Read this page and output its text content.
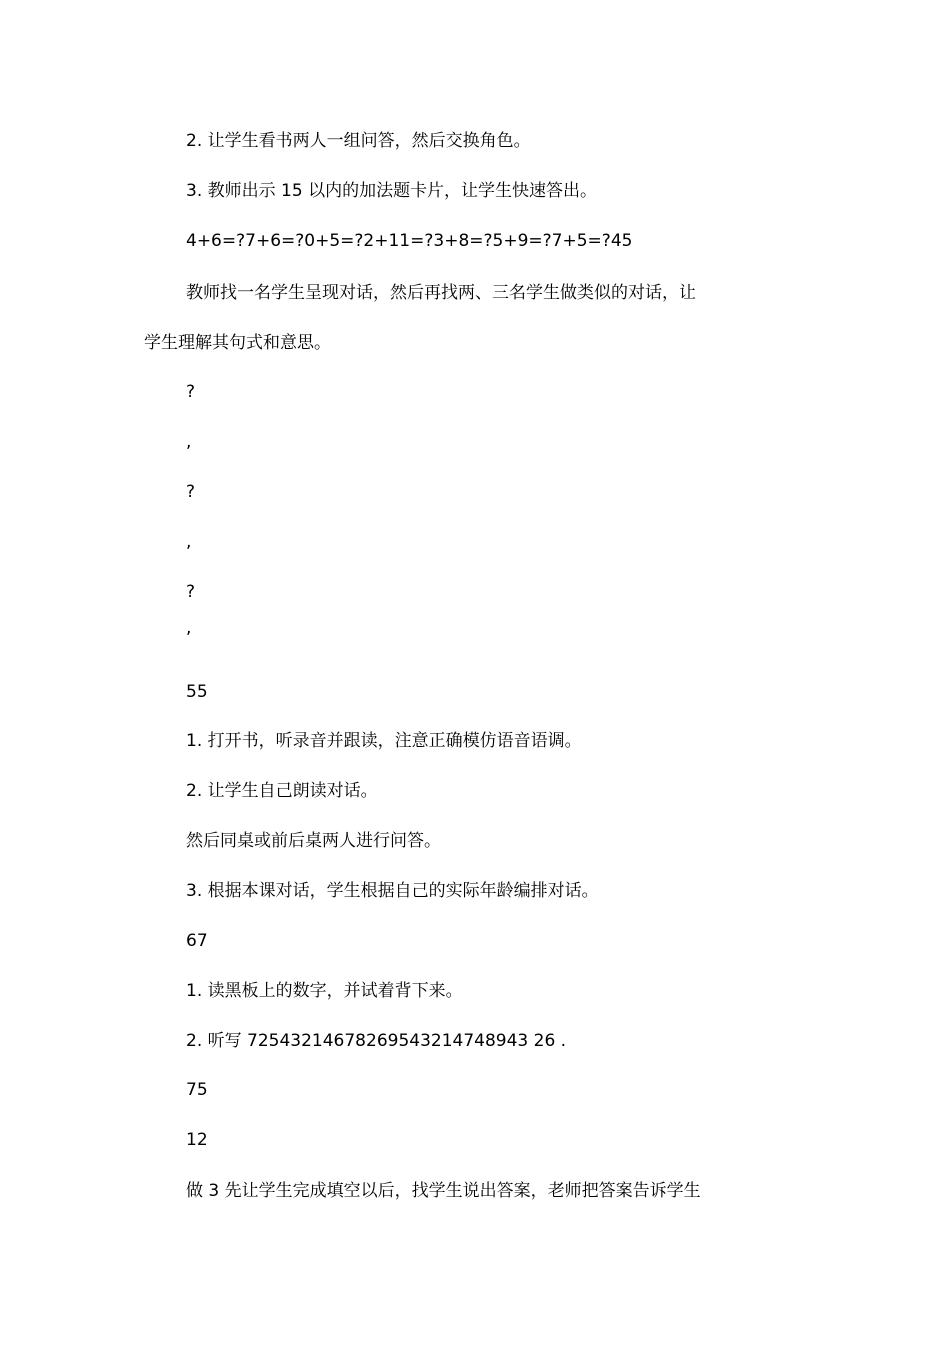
2. 让学生看书两人一组问答，然后交换角色。
3. 教师出示 15 以内的加法题卡片，让学生快速答出。
4+6=?7+6=?0+5=?2+11=?3+8=?5+9=?7+5=?45
教师找一名学生呈现对话，然后再找两、三名学生做类似的对话，让
学生理解其句式和意思。
?
,
?
,
?
,
55
1. 打开书，听录音并跟读，注意正确模仿语音语调。
2. 让学生自己朗读对话。
然后同桌或前后桌两人进行问答。
3. 根据本课对话，学生根据自己的实际年龄编排对话。
67
1. 读黑板上的数字，并试着背下来。
2. 听写 72543214678269543214748943 26 .
75
12
做 3 先让学生完成填空以后，找学生说出答案，老师把答案告诉学生
